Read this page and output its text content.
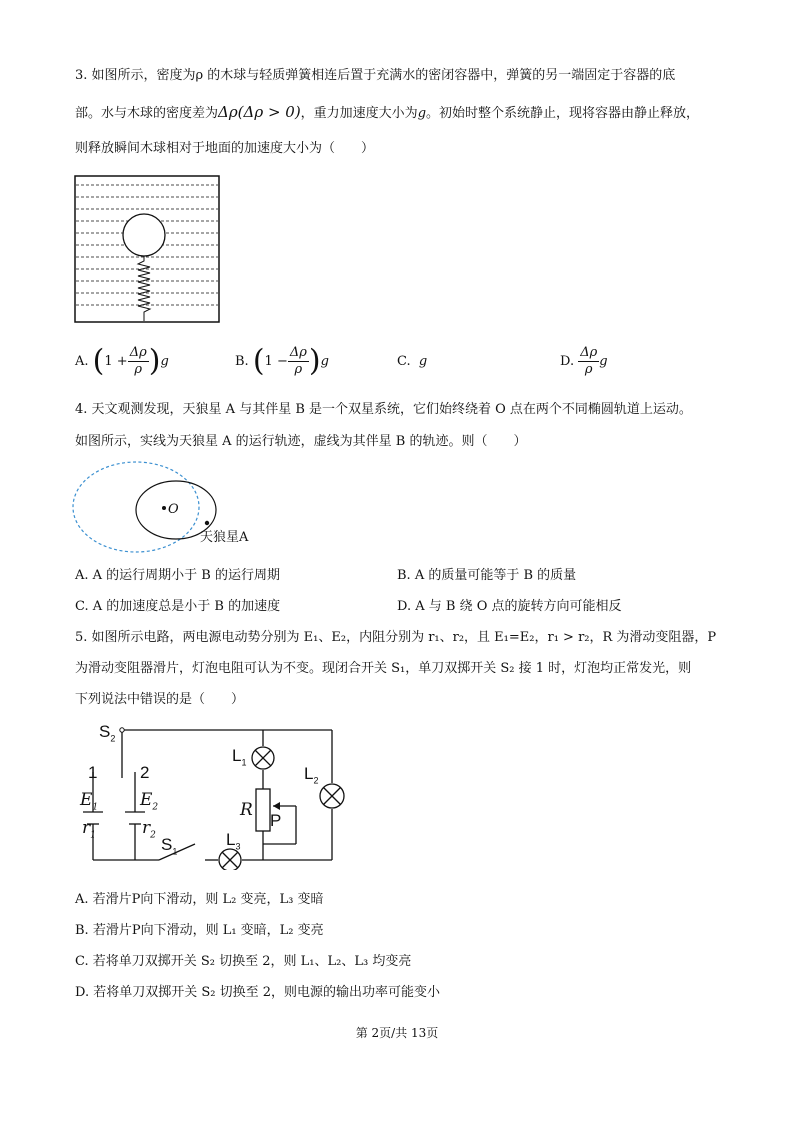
3. 如图所示，密度为ρ 的木球与轻质弹簧相连后置于充满水的密闭容器中，弹簧的另一端固定于容器的底
部。水与木球的密度差为Δρ(Δρ > 0)，重力加速度大小为g。初始时整个系统静止，现将容器由静止释放，
则释放瞬间木球相对于地面的加速度大小为（　　）
A. $(1 + \frac{\Delta\rho}{\rho} )g$	B. $(1 - \frac{\Delta\rho}{\rho} )g$	C. g	D. $\frac{\Delta\rho}{\rho}$ g
4. 天文观测发现，天狼星 A 与其伴星 B 是一个双星系统，它们始终绕着 O 点在两个不同椭圆轨道上运动。
如图所示，实线为天狼星 A 的运行轨迹，虚线为其伴星 B 的轨迹。则（　　）
O
天狼星A
A. A 的运行周期小于 B 的运行周期	B. A 的质量可能等于 B 的质量
C. A 的加速度总是小于 B 的加速度	D. A 与 B 绕 O 点的旋转方向可能相反
5. 如图所示电路，两电源电动势分别为 E₁、E₂，内阻分别为 r₁、r₂，且 E₁=E₂，r₁ > r₂，R 为滑动变阻器，P
为滑动变阻器滑片，灯泡电阻可认为不变。现闭合开关 S₁，单刀双掷开关 S₂ 接 1 时，灯泡均正常发光，则
下列说法中错误的是（　　）
$S_2$
1	2
$E_1$ $E_2$
$r_1$	$r_2$ $S_1$
$L_1$
$L_2$
$L_3$
R
P
A. 若滑片P向下滑动，则 L₂ 变亮，L₃ 变暗
B. 若滑片P向下滑动，则 L₁ 变暗，L₂ 变亮
C. 若将单刀双掷开关 S₂ 切换至 2，则 L₁、L₂、L₃ 均变亮
D. 若将单刀双掷开关 S₂ 切换至 2，则电源的输出功率可能变小
第 2页/共 13页
